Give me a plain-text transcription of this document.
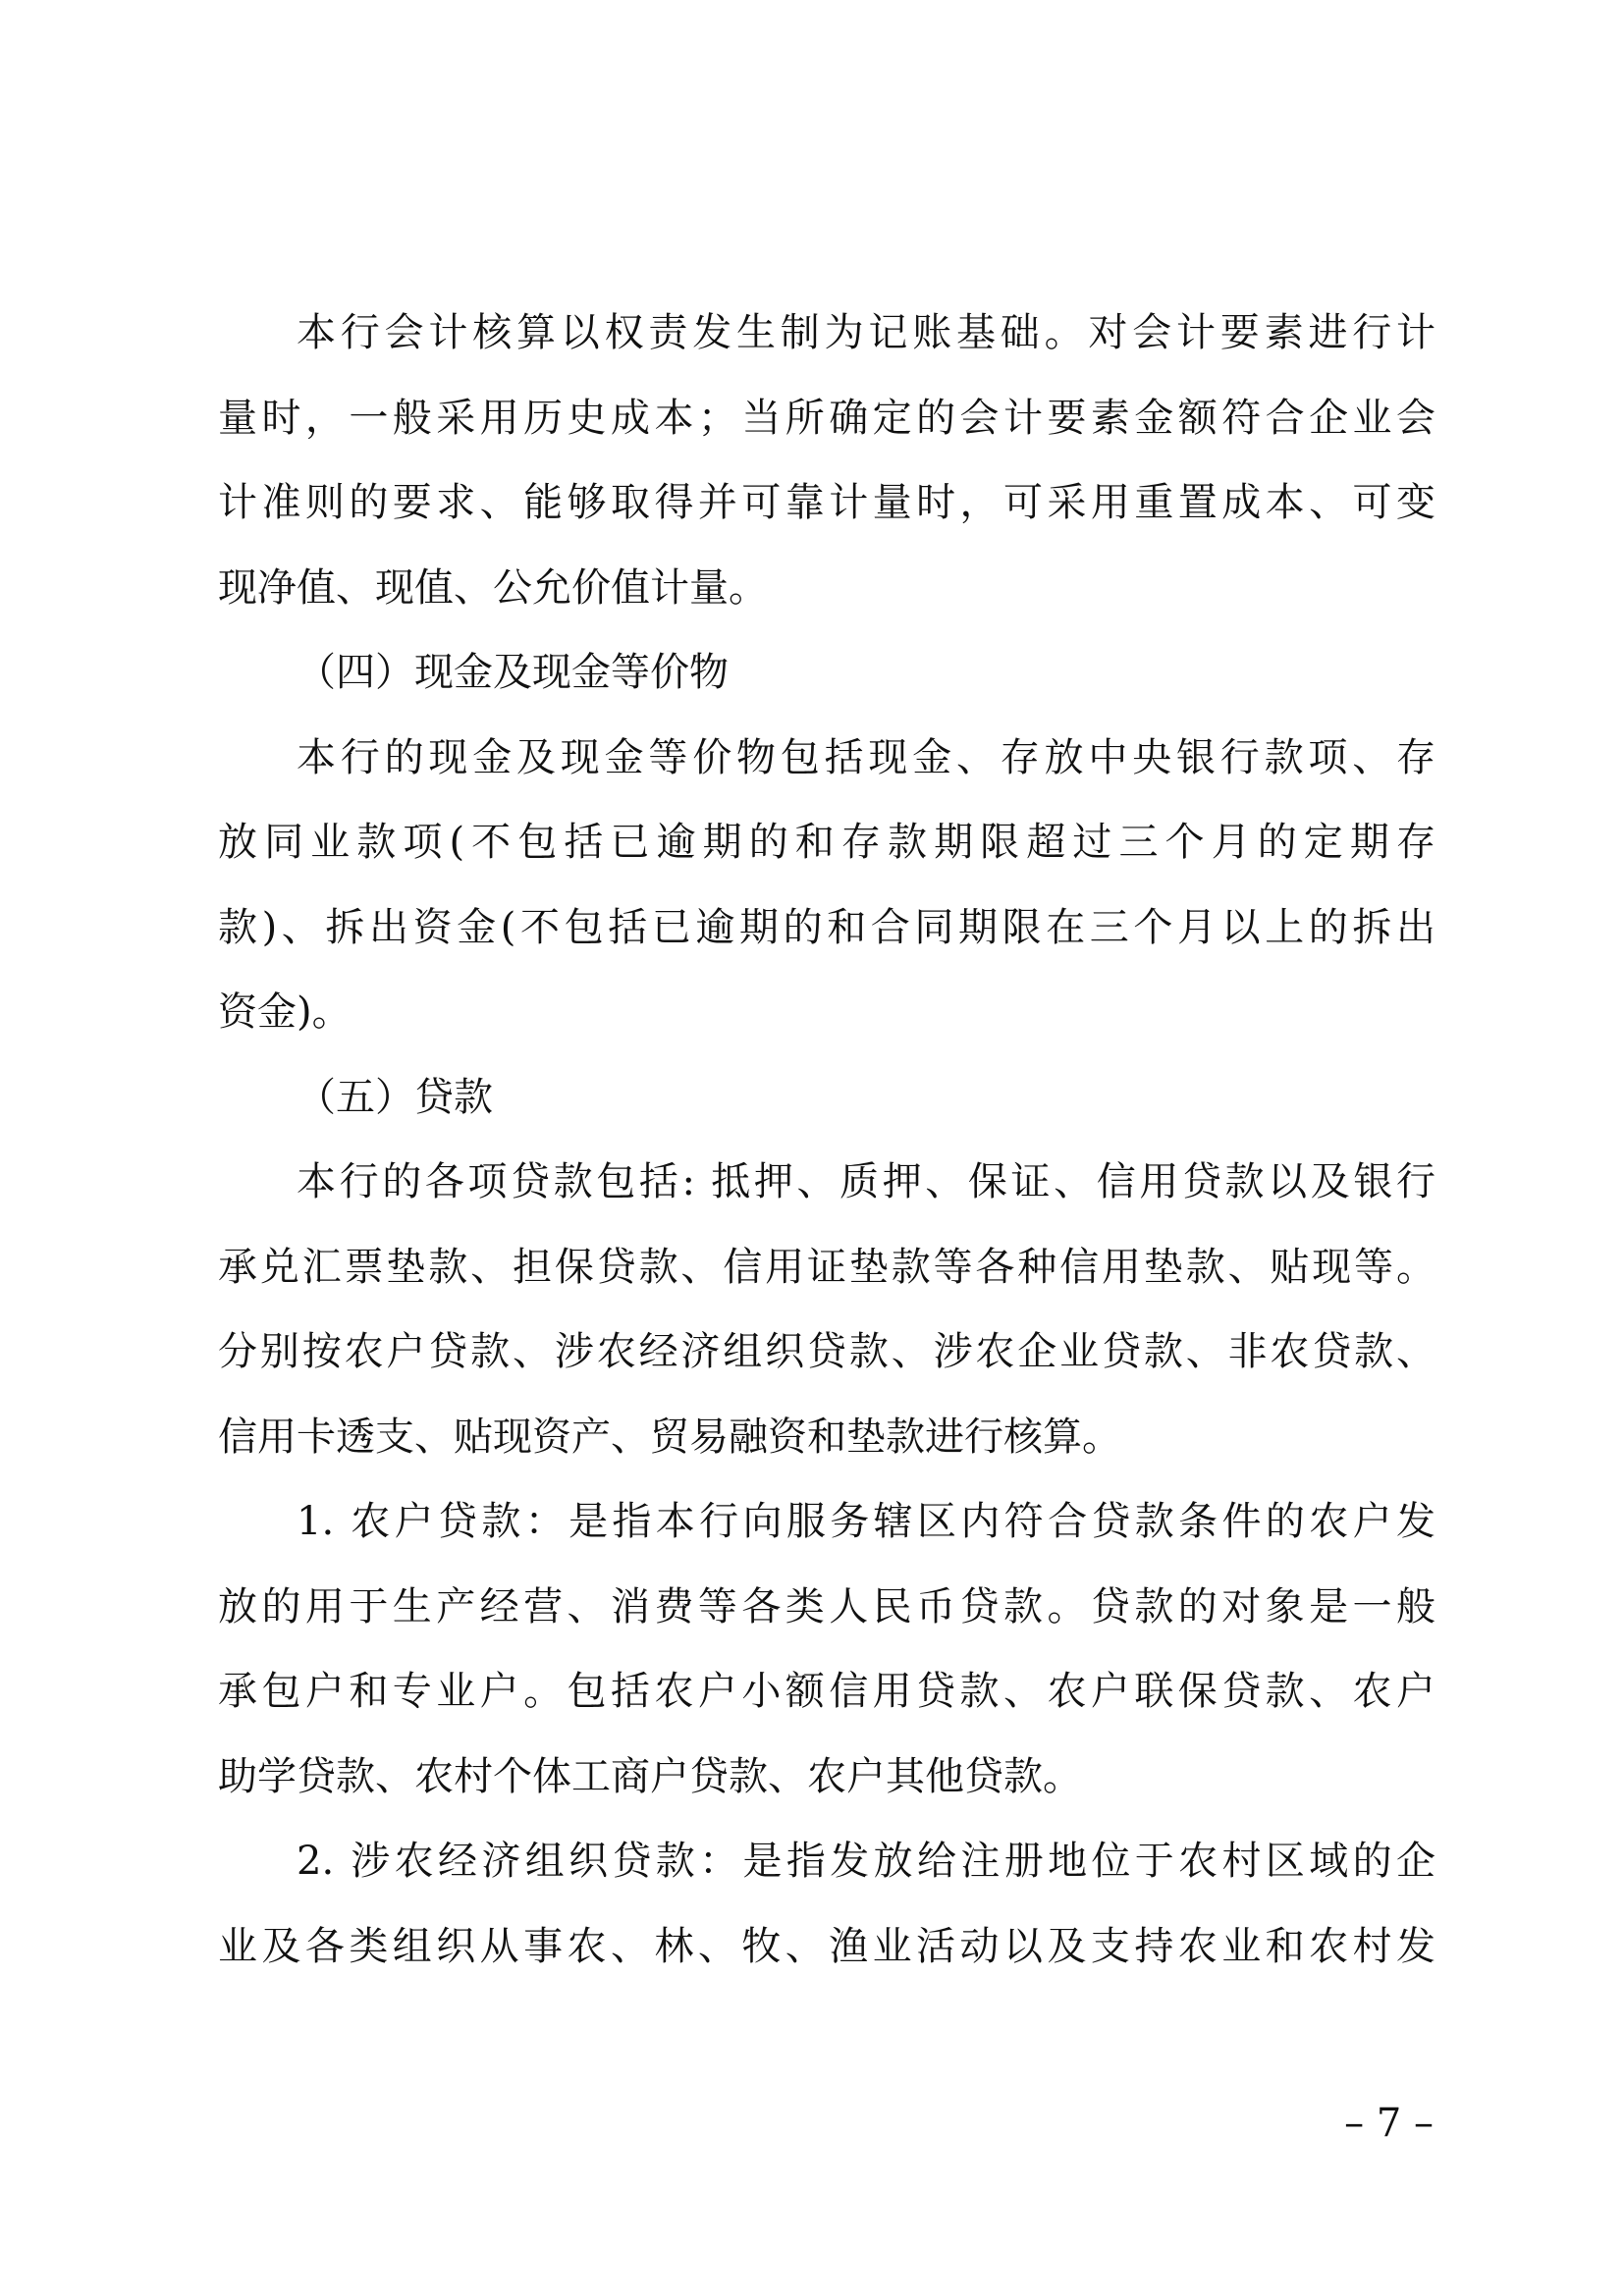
本行会计核算以权责发生制为记账基础。对会计要素进行计
量时，一般采用历史成本；当所确定的会计要素金额符合企业会
计准则的要求、能够取得并可靠计量时，可采用重置成本、可变
现净值、现值、公允价值计量。
（四）现金及现金等价物
本行的现金及现金等价物包括现金、存放中央银行款项、存
放同业款项(不包括已逾期的和存款期限超过三个月的定期存
款)、拆出资金(不包括已逾期的和合同期限在三个月以上的拆出
资金)。
（五）贷款
本行的各项贷款包括: 抵押、质押、保证、信用贷款以及银行
承兑汇票垫款、担保贷款、信用证垫款等各种信用垫款、贴现等。
分别按农户贷款、涉农经济组织贷款、涉农企业贷款、非农贷款、
信用卡透支、贴现资产、贸易融资和垫款进行核算。
1. 农户贷款：是指本行向服务辖区内符合贷款条件的农户发
放的用于生产经营、消费等各类人民币贷款。贷款的对象是一般
承包户和专业户。包括农户小额信用贷款、农户联保贷款、农户
助学贷款、农村个体工商户贷款、农户其他贷款。
2. 涉农经济组织贷款：是指发放给注册地位于农村区域的企
业及各类组织从事农、林、牧、渔业活动以及支持农业和农村发
– 7 –
